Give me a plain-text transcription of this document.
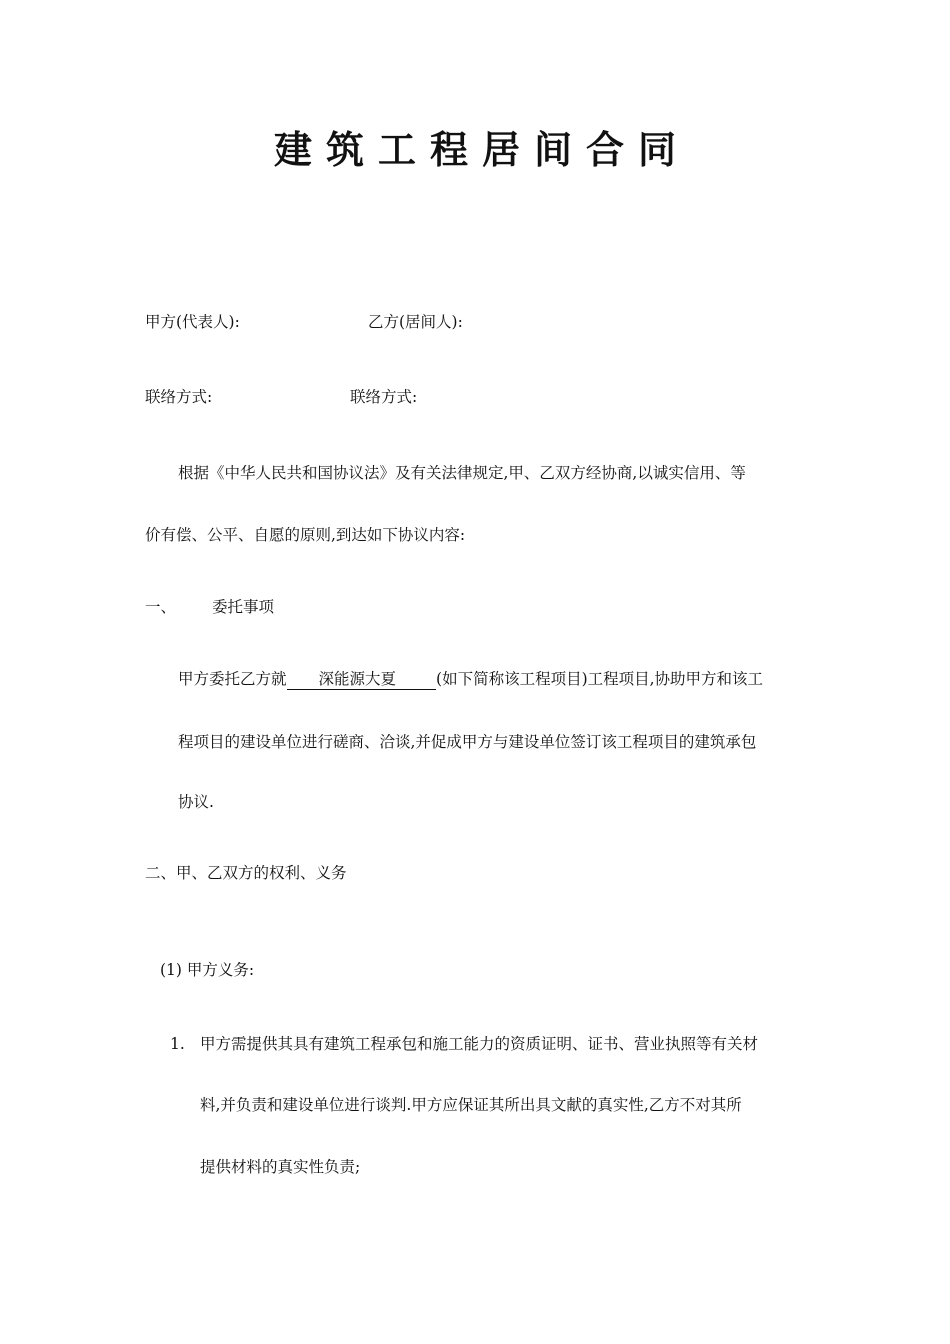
建筑工程居间合同
甲方(代表人):	乙方(居间人):
联络方式:	联络方式:
根据《中华人民共和国协议法》及有关法律规定,甲、乙双方经协商,以诚实信用、等
价有偿、公平、自愿的原则,到达如下协议内容:
一、 委托事项
甲方委托乙方就 深能源大夏	(如下简称该工程项目)工程项目,协助甲方和该工
程项目的建设单位进行磋商、洽谈,并促成甲方与建设单位签订该工程项目的建筑承包
协议.
二、甲、乙双方的权利、义务
(1) 甲方义务:
1. 甲方需提供其具有建筑工程承包和施工能力的资质证明、证书、营业执照等有关材
料,并负责和建设单位进行谈判.甲方应保证其所出具文献的真实性,乙方不对其所
提供材料的真实性负责;
